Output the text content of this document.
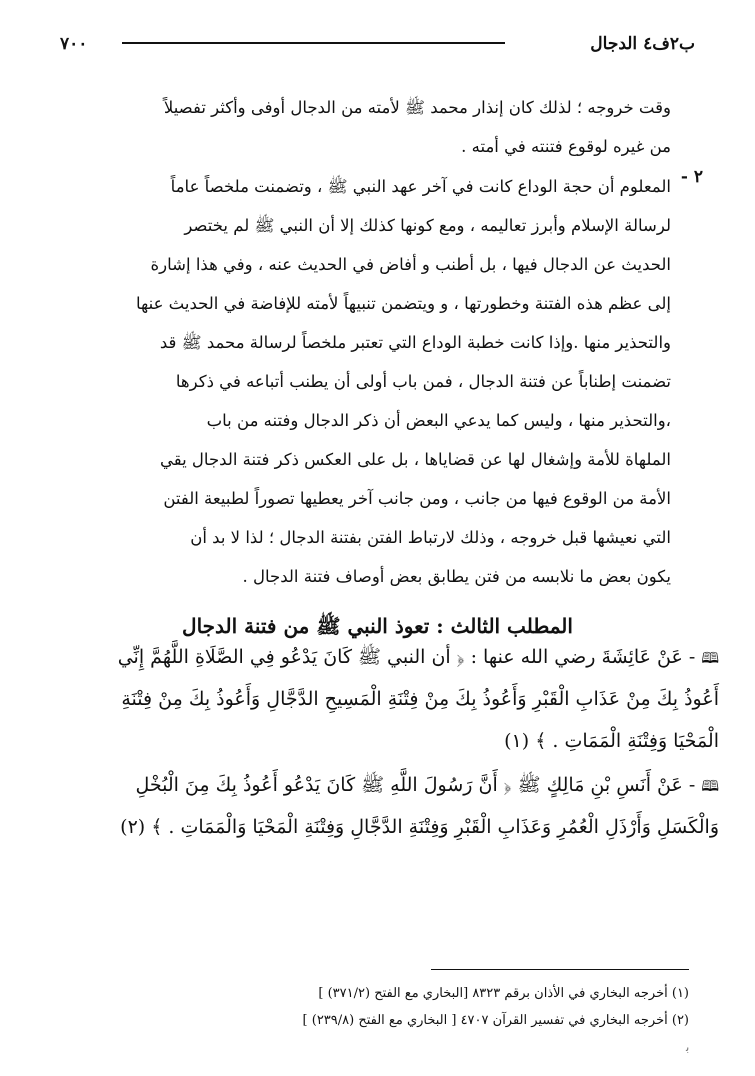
ب٢ف٤ الدجال
٧٠٠
وقت خروجه ؛ لذلك كان إنذار محمد ﷺ لأمته من الدجال أوفى وأكثر تفصيلاً
من غيره لوقوع فتنته في أمته .
٢ -
المعلوم أن حجة الوداع كانت في آخر عهد النبي ﷺ ، وتضمنت ملخصاً عاماً
لرسالة الإسلام وأبرز تعاليمه ، ومع كونها كذلك إلا أن النبي ﷺ لم يختصر
الحديث عن الدجال فيها ، بل أطنب و أفاض في الحديث عنه ، وفي هذا إشارة
إلى عظم هذه الفتنة وخطورتها ، و ويتضمن تنبيهاً لأمته للإفاضة في الحديث عنها
والتحذير منها .وإذا كانت خطبة الوداع التي تعتبر ملخصاً لرسالة محمد ﷺ قد
تضمنت إطناباً عن فتنة الدجال ، فمن باب أولى أن يطنب أتباعه في ذكرها
،والتحذير منها ، وليس كما يدعي البعض أن ذكر الدجال وفتنه من باب
الملهاة للأمة وإشغال لها عن قضاياها ، بل على العكس ذكر فتنة الدجال يقي
الأمة من الوقوع فيها من جانب ، ومن جانب آخر يعطيها تصوراً لطبيعة الفتن
التي نعيشها قبل خروجه ، وذلك لارتباط الفتن بفتنة الدجال ؛ لذا لا بد أن
يكون بعض ما نلابسه من فتن يطابق بعض أوصاف فتنة الدجال .
المطلب الثالث : تعوذ النبي ﷺ من فتنة الدجال
🕮- عَنْ عَائِشَةَ رضي الله عنها : ﴿ أن النبي ﷺ كَانَ يَدْعُو فِي الصَّلَاةِ اللَّهُمَّ إِنِّي
أَعُوذُ بِكَ مِنْ عَذَابِ الْقَبْرِ وَأَعُوذُ بِكَ مِنْ فِتْنَةِ الْمَسِيحِ الدَّجَّالِ وَأَعُوذُ بِكَ مِنْ فِتْنَةِ
الْمَحْيَا وَفِتْنَةِ الْمَمَاتِ . ﴾ (١)
🕮- عَنْ أَنَسِ بْنِ مَالِكٍ ﷺ ﴿ أَنَّ رَسُولَ اللَّهِ ﷺ كَانَ يَدْعُو أَعُوذُ بِكَ مِنَ الْبُخْلِ
وَالْكَسَلِ وَأَرْذَلِ الْعُمُرِ وَعَذَابِ الْقَبْرِ وَفِتْنَةِ الدَّجَّالِ وَفِتْنَةِ الْمَحْيَا وَالْمَمَاتِ . ﴾ (٢)
(١) أخرجه البخاري في الأذان برقم ٨٣٢٣ [البخاري مع الفتح (٣٧١/٢) ]
(٢) أخرجه البخاري في تفسير القرآن ٤٧٠٧ [ البخاري مع الفتح (٢٣٩/٨) ]
ﺑ
